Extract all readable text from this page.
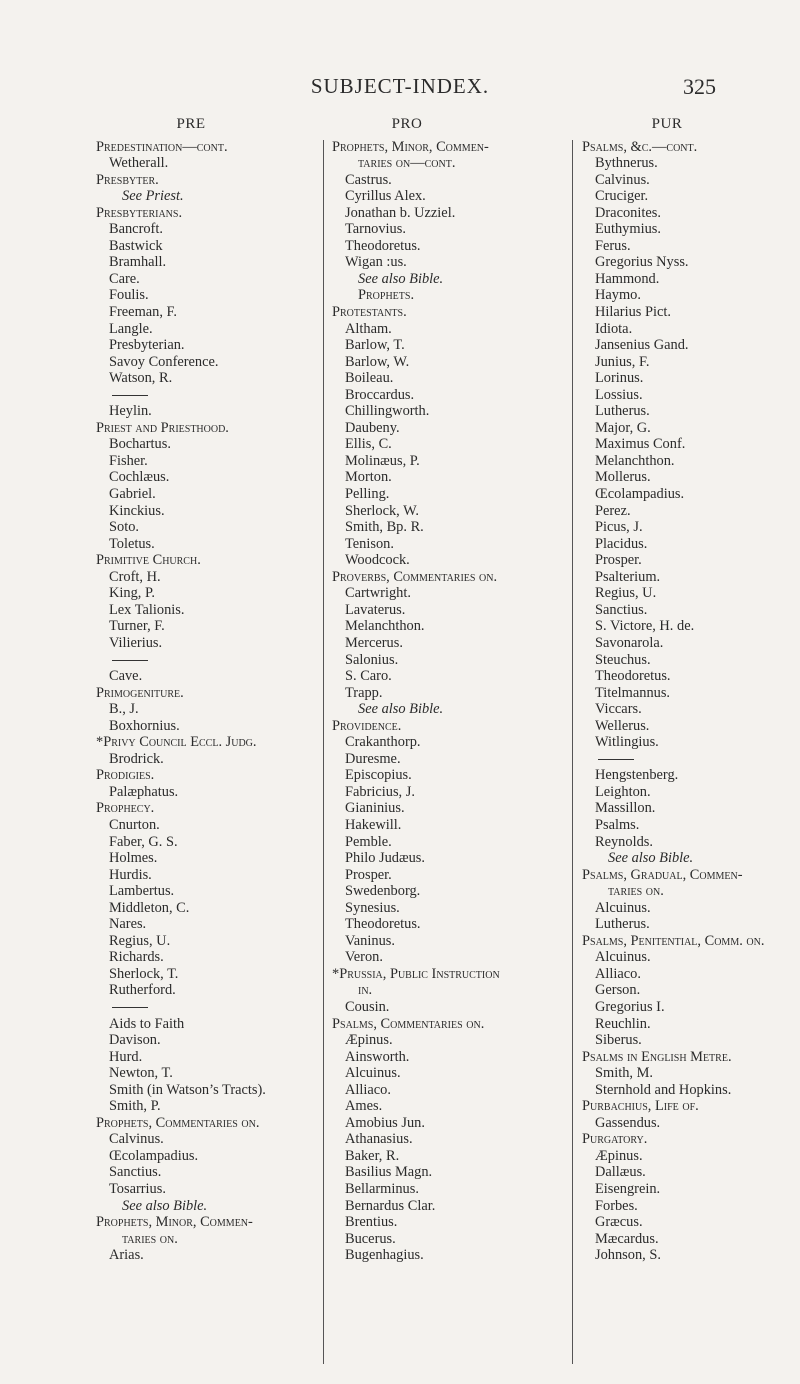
SUBJECT-INDEX.	325
PRE
Predestination—cont.
Wetherall.
Presbyter.
See Priest.
Presbyterians.
Bancroft.
Bastwick
Bramhall.
Care.
Foulis.
Freeman, F.
Langle.
Presbyterian.
Savoy Conference.
Watson, R.
Heylin.
Priest and Priesthood.
Bochartus.
Fisher.
Cochlæus.
Gabriel.
Kinckius.
Soto.
Toletus.
Primitive Church.
Croft, H.
King, P.
Lex Talionis.
Turner, F.
Vilierius.
Cave.
Primogeniture.
B., J.
Boxhornius.
*Privy Council Eccl. Judg.
Brodrick.
Prodigies.
Palæphatus.
Prophecy.
Cnurton.
Faber, G. S.
Holmes.
Hurdis.
Lambertus.
Middleton, C.
Nares.
Regius, U.
Richards.
Sherlock, T.
Rutherford.
Aids to Faith
Davison.
Hurd.
Newton, T.
Smith (in Watson’s Tracts).
Smith, P.
Prophets, Commentaries on.
Calvinus.
Œcolampadius.
Sanctius.
Tosarrius.
See also Bible.
Prophets, Minor, Commen-
taries on.
Arias.
PRO
Prophets, Minor, Commen-
taries on—cont.
Castrus.
Cyrillus Alex.
Jonathan b. Uzziel.
Tarnovius.
Theodoretus.
Wigan :us.
See also Bible.
Prophets.
Protestants.
Altham.
Barlow, T.
Barlow, W.
Boileau.
Broccardus.
Chillingworth.
Daubeny.
Ellis, C.
Molinæus, P.
Morton.
Pelling.
Sherlock, W.
Smith, Bp. R.
Tenison.
Woodcock.
Proverbs, Commentaries on.
Cartwright.
Lavaterus.
Melanchthon.
Mercerus.
Salonius.
S. Caro.
Trapp.
See also Bible.
Providence.
Crakanthorp.
Duresme.
Episcopius.
Fabricius, J.
Gianinius.
Hakewill.
Pemble.
Philo Judæus.
Prosper.
Swedenborg.
Synesius.
Theodoretus.
Vaninus.
Veron.
*Prussia, Public Instruction
in.
Cousin.
Psalms, Commentaries on.
Æpinus.
Ainsworth.
Alcuinus.
Alliaco.
Ames.
Amobius Jun.
Athanasius.
Baker, R.
Basilius Magn.
Bellarminus.
Bernardus Clar.
Brentius.
Bucerus.
Bugenhagius.
PUR
Psalms, &c.—cont.
Bythnerus.
Calvinus.
Cruciger.
Draconites.
Euthymius.
Ferus.
Gregorius Nyss.
Hammond.
Haymo.
Hilarius Pict.
Idiota.
Jansenius Gand.
Junius, F.
Lorinus.
Lossius.
Lutherus.
Major, G.
Maximus Conf.
Melanchthon.
Mollerus.
Œcolampadius.
Perez.
Picus, J.
Placidus.
Prosper.
Psalterium.
Regius, U.
Sanctius.
S. Victore, H. de.
Savonarola.
Steuchus.
Theodoretus.
Titelmannus.
Viccars.
Wellerus.
Witlingius.
Hengstenberg.
Leighton.
Massillon.
Psalms.
Reynolds.
See also Bible.
Psalms, Gradual, Commen-
taries on.
Alcuinus.
Lutherus.
Psalms, Penitential, Comm. on.
Alcuinus.
Alliaco.
Gerson.
Gregorius I.
Reuchlin.
Siberus.
Psalms in English Metre.
Smith, M.
Sternhold and Hopkins.
Purbachius, Life of.
Gassendus.
Purgatory.
Æpinus.
Dallæus.
Eisengrein.
Forbes.
Græcus.
Mæcardus.
Johnson, S.
